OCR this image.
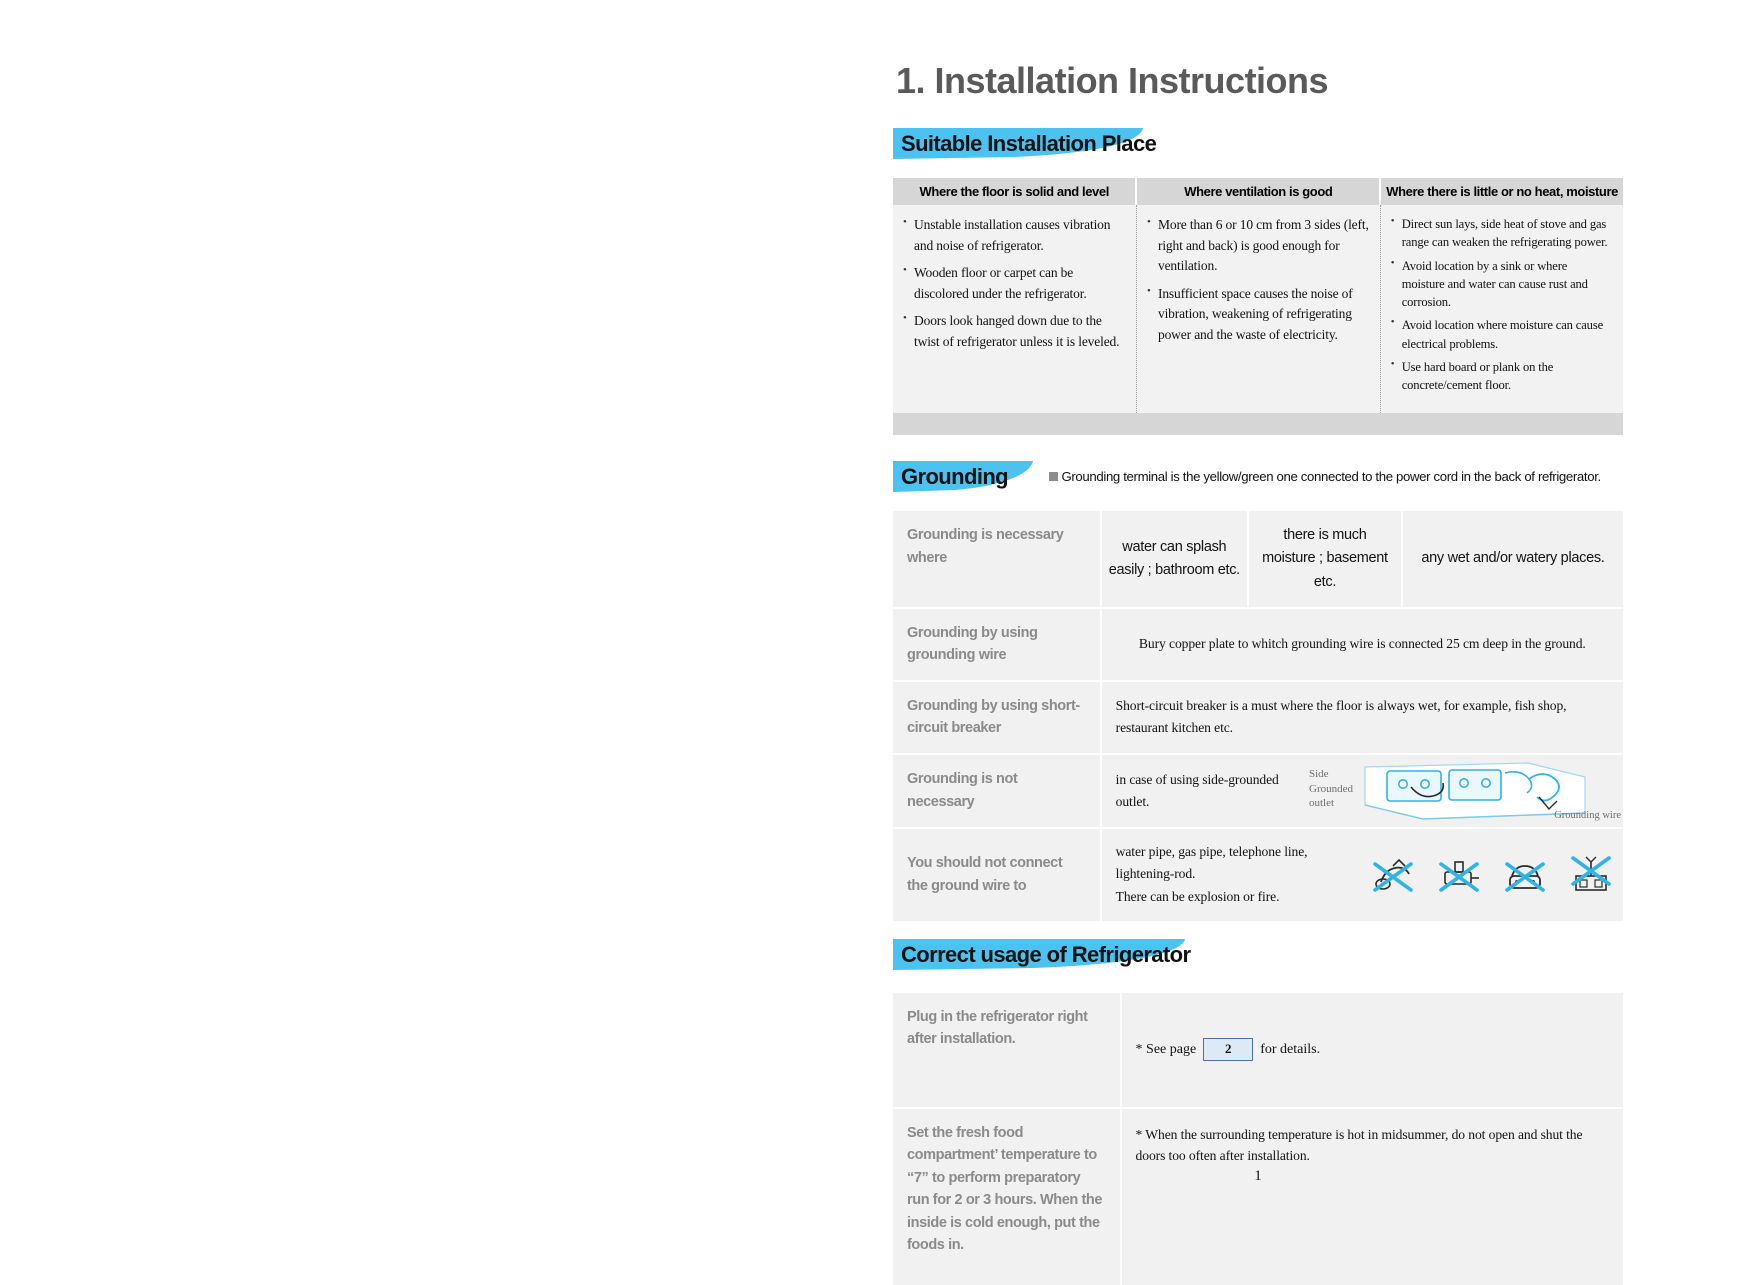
1. Installation Instructions
Suitable Installation Place
Where the floor is solid and level	Where ventilation is good	Where there is little or no heat, moisture

• Unstable installation causes vibration and noise of refrigerator.
• Wooden floor or carpet can be discolored under the refrigerator.
• Doors look hanged down due to the twist of refrigerator unless it is leveled.

• More than 6 or 10 cm from 3 sides (left, right and back) is good enough for ventilation.
• Insufficient space causes the noise of vibration, weakening of refrigerating power and the waste of electricity.

• Direct sun lays, side heat of stove and gas range can weaken the refrigerating power.
• Avoid location by a sink or where moisture and water can cause rust and corrosion.
• Avoid location where moisture can cause electrical problems.
• Use hard board or plank on the concrete/cement floor.

Grounding	Grounding terminal is the yellow/green one connected to the power cord in the back of refrigerator.
Grounding is necessary where	water can splash easily ; bathroom etc.	there is much moisture ; basement etc.	any wet and/or watery places.
Grounding by using grounding wire	Bury copper plate to whitch grounding wire is connected 25 cm deep in the ground.		
Grounding by using short-circuit breaker	Short-circuit breaker is a must where the floor is always wet, for example, fish shop, restaurant kitchen etc.		
Grounding is not necessary	in case of using side-grounded outlet.
Side
Grounded
outlet
Grounding wire		

You should not connect the ground wire to	water pipe, gas pipe, telephone line,
lightening-rod.
There can be explosion or fire.		
Correct usage of Refrigerator
Plug in the refrigerator right after installation.	* See page 2 for details.

Set the fresh food compartment’ temperature to “7” to perform preparatory run for 2 or 3 hours. When the inside is cold enough, put the foods in.	* When the surrounding temperature is hot in midsummer, do not open and shut the doors too often after installation.
1
